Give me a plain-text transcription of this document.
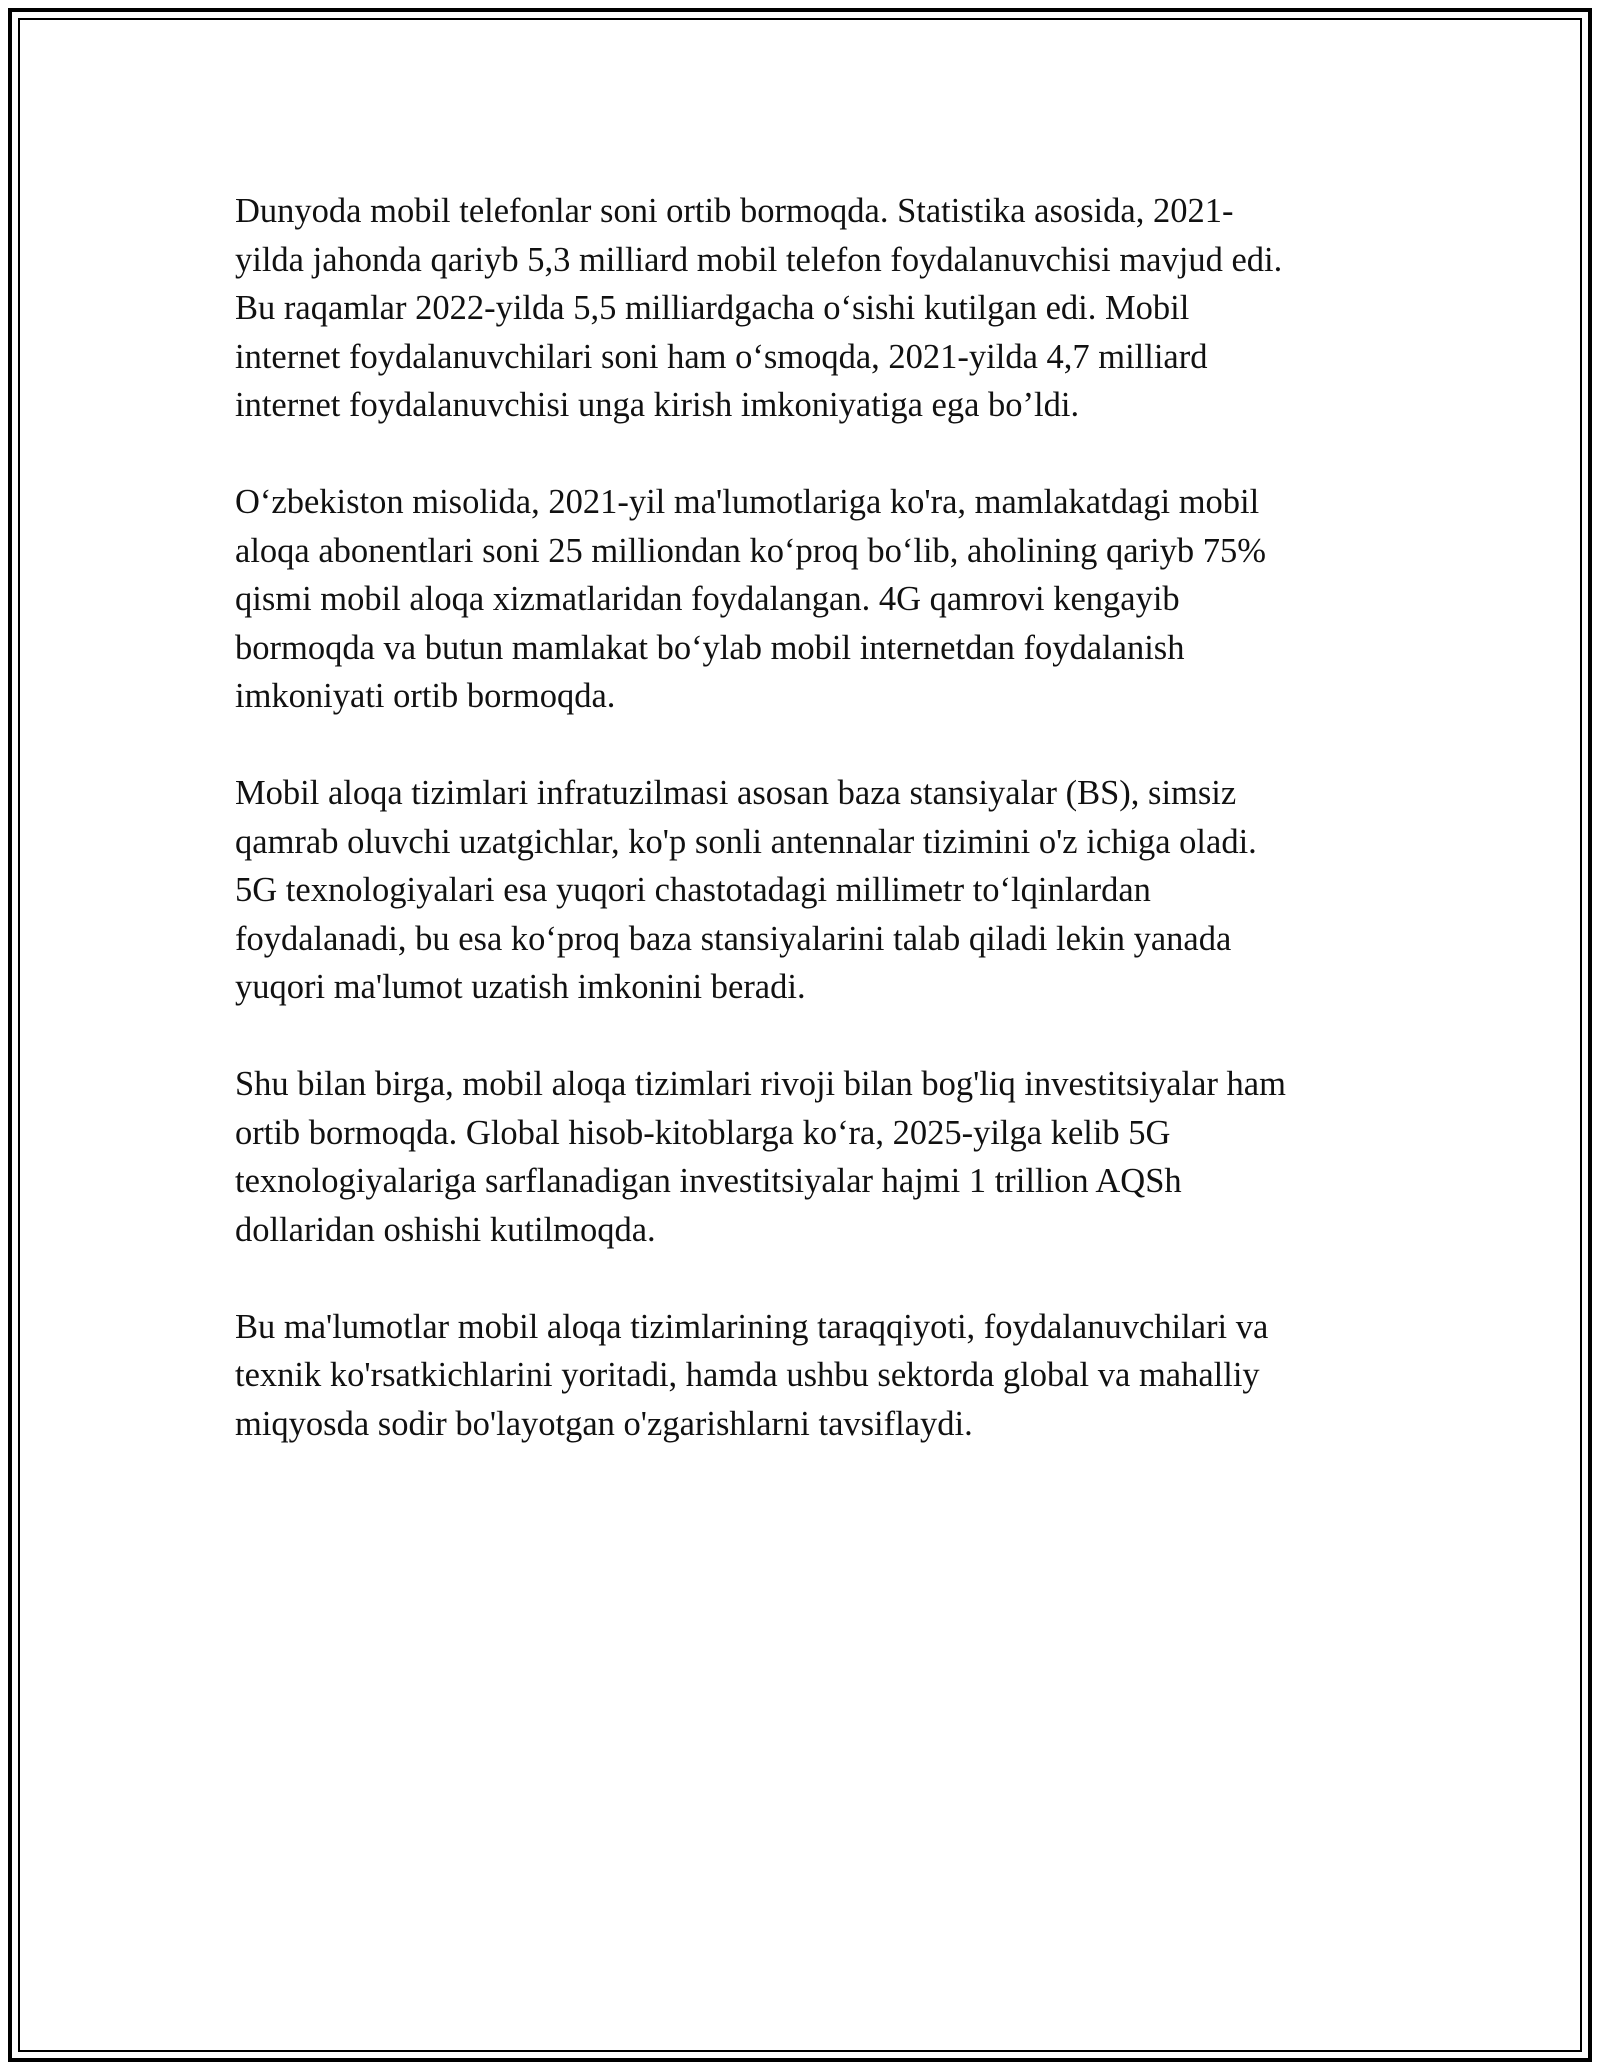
Dunyoda mobil telefonlar soni ortib bormoqda. Statistika asosida, 2021-
yilda jahonda qariyb 5,3 milliard mobil telefon foydalanuvchisi mavjud edi.
Bu raqamlar 2022-yilda 5,5 milliardgacha o‘sishi kutilgan edi. Mobil
internet foydalanuvchilari soni ham o‘smoqda, 2021-yilda 4,7 milliard
internet foydalanuvchisi unga kirish imkoniyatiga ega bo’ldi.

O‘zbekiston misolida, 2021-yil ma'lumotlariga ko'ra, mamlakatdagi mobil
aloqa abonentlari soni 25 milliondan ko‘proq bo‘lib, aholining qariyb 75%
qismi mobil aloqa xizmatlaridan foydalangan. 4G qamrovi kengayib
bormoqda va butun mamlakat bo‘ylab mobil internetdan foydalanish
imkoniyati ortib bormoqda.

Mobil aloqa tizimlari infratuzilmasi asosan baza stansiyalar (BS), simsiz
qamrab oluvchi uzatgichlar, ko'p sonli antennalar tizimini o'z ichiga oladi.
5G texnologiyalari esa yuqori chastotadagi millimetr to‘lqinlardan
foydalanadi, bu esa ko‘proq baza stansiyalarini talab qiladi lekin yanada
yuqori ma'lumot uzatish imkonini beradi.

Shu bilan birga, mobil aloqa tizimlari rivoji bilan bog'liq investitsiyalar ham
ortib bormoqda. Global hisob-kitoblarga ko‘ra, 2025-yilga kelib 5G
texnologiyalariga sarflanadigan investitsiyalar hajmi 1 trillion AQSh
dollaridan oshishi kutilmoqda.

Bu ma'lumotlar mobil aloqa tizimlarining taraqqiyoti, foydalanuvchilari va
texnik ko'rsatkichlarini yoritadi, hamda ushbu sektorda global va mahalliy
miqyosda sodir bo'layotgan o'zgarishlarni tavsiflaydi.
